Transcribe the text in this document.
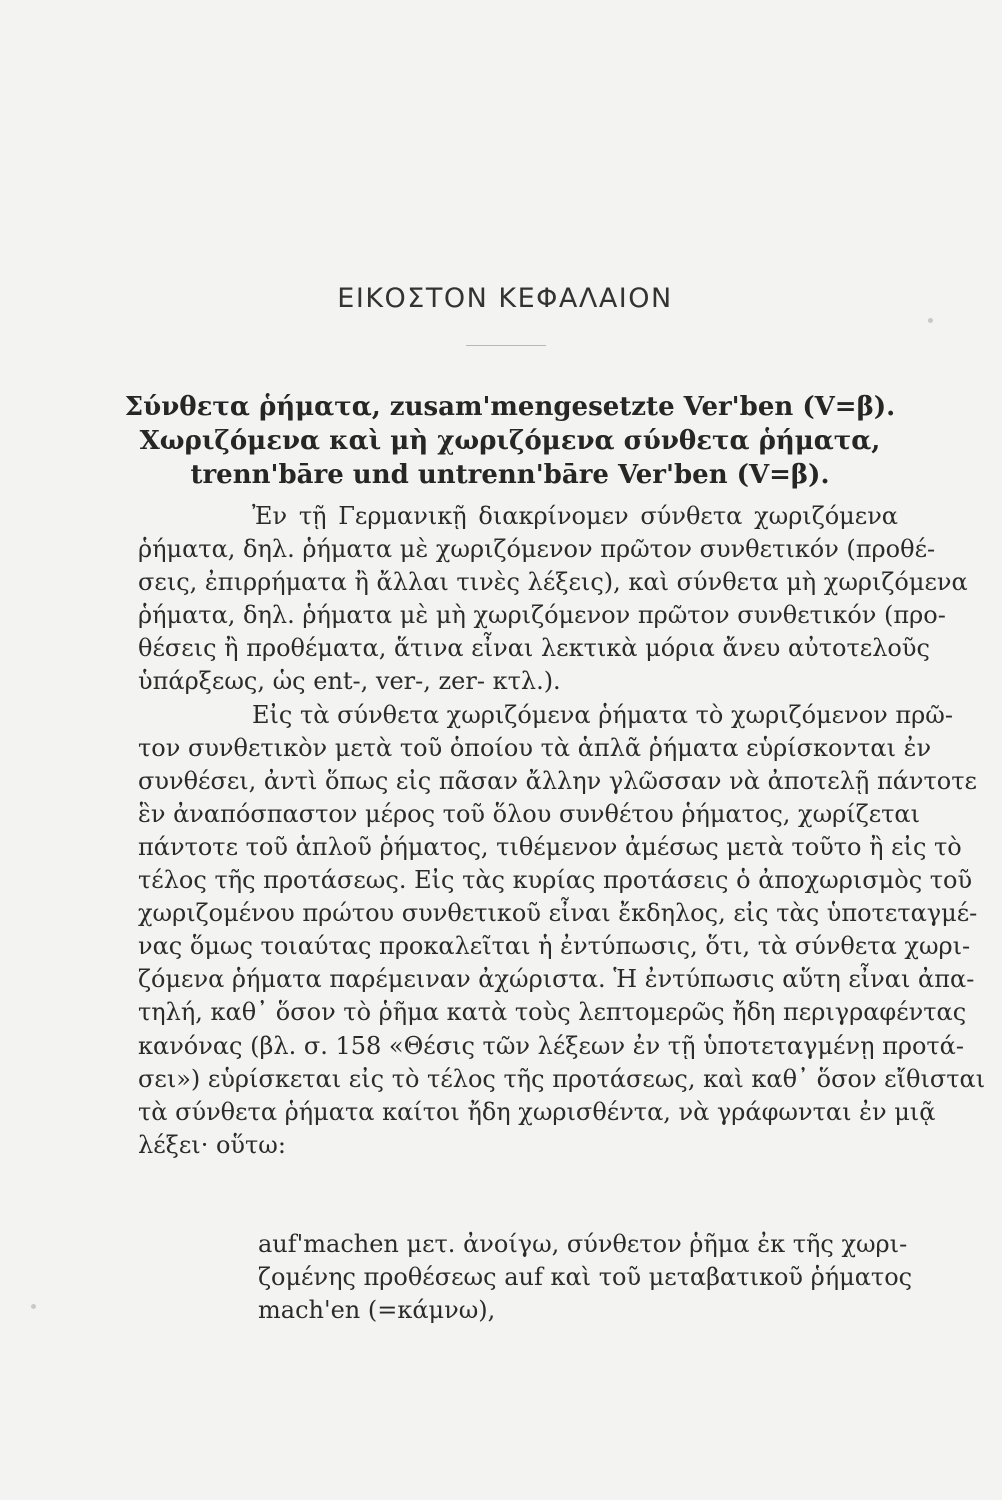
ΕΙΚΟΣΤΟΝ ΚΕΦΑΛΑΙΟΝ
Σύνθετα ῥήματα, zusam'mengesetzte Ver'ben (V=β).
Χωριζόμενα καὶ μὴ χωριζόμενα σύνθετα ῥήματα,
trenn'bāre und untrenn'bāre Ver'ben (V=β).
Ἐν τῇ Γερμανικῇ διακρίνομεν σύνθετα χωριζόμενα
ῥήματα, δηλ. ῥήματα μὲ χωριζόμενον πρῶτον συνθετικόν (προθέ-
σεις, ἐπιρρήματα ἢ ἄλλαι τινὲς λέξεις), καὶ σύνθετα μὴ χωριζόμενα
ῥήματα, δηλ. ῥήματα μὲ μὴ χωριζόμενον πρῶτον συνθετικόν (προ-
θέσεις ἢ προθέματα, ἅτινα εἶναι λεκτικὰ μόρια ἄνευ αὐτοτελοῦς
ὑπάρξεως, ὡς ent-, ver-, zer- κτλ.).
Εἰς τὰ σύνθετα χωριζόμενα ῥήματα τὸ χωριζόμενον πρῶ-
τον συνθετικὸν μετὰ τοῦ ὁποίου τὰ ἁπλᾶ ῥήματα εὑρίσκονται ἐν
συνθέσει, ἀντὶ ὅπως εἰς πᾶσαν ἄλλην γλῶσσαν νὰ ἀποτελῇ πάντοτε
ἓν ἀναπόσπαστον μέρος τοῦ ὅλου συνθέτου ῥήματος, χωρίζεται
πάντοτε τοῦ ἁπλοῦ ῥήματος, τιθέμενον ἀμέσως μετὰ τοῦτο ἢ εἰς τὸ
τέλος τῆς προτάσεως. Εἰς τὰς κυρίας προτάσεις ὁ ἀποχωρισμὸς τοῦ
χωριζομένου πρώτου συνθετικοῦ εἶναι ἔκδηλος, εἰς τὰς ὑποτεταγμέ-
νας ὅμως τοιαύτας προκαλεῖται ἡ ἐντύπωσις, ὅτι, τὰ σύνθετα χωρι-
ζόμενα ῥήματα παρέμειναν ἀχώριστα. Ἡ ἐντύπωσις αὕτη εἶναι ἀπα-
τηλή, καθ᾽ ὅσον τὸ ῥῆμα κατὰ τοὺς λεπτομερῶς ἤδη περιγραφέντας
κανόνας (βλ. σ. 158 «Θέσις τῶν λέξεων ἐν τῇ ὑποτεταγμένῃ προτά-
σει») εὑρίσκεται εἰς τὸ τέλος τῆς προτάσεως, καὶ καθ᾽ ὅσον εἴθισται
τὰ σύνθετα ῥήματα καίτοι ἤδη χωρισθέντα, νὰ γράφωνται ἐν μιᾷ
λέξει· οὕτω:
auf'machen μετ. ἀνοίγω, σύνθετον ῥῆμα ἐκ τῆς χωρι-
ζομένης προθέσεως auf καὶ τοῦ μεταβατικοῦ ῥήματος
mach'en (=κάμνω),
